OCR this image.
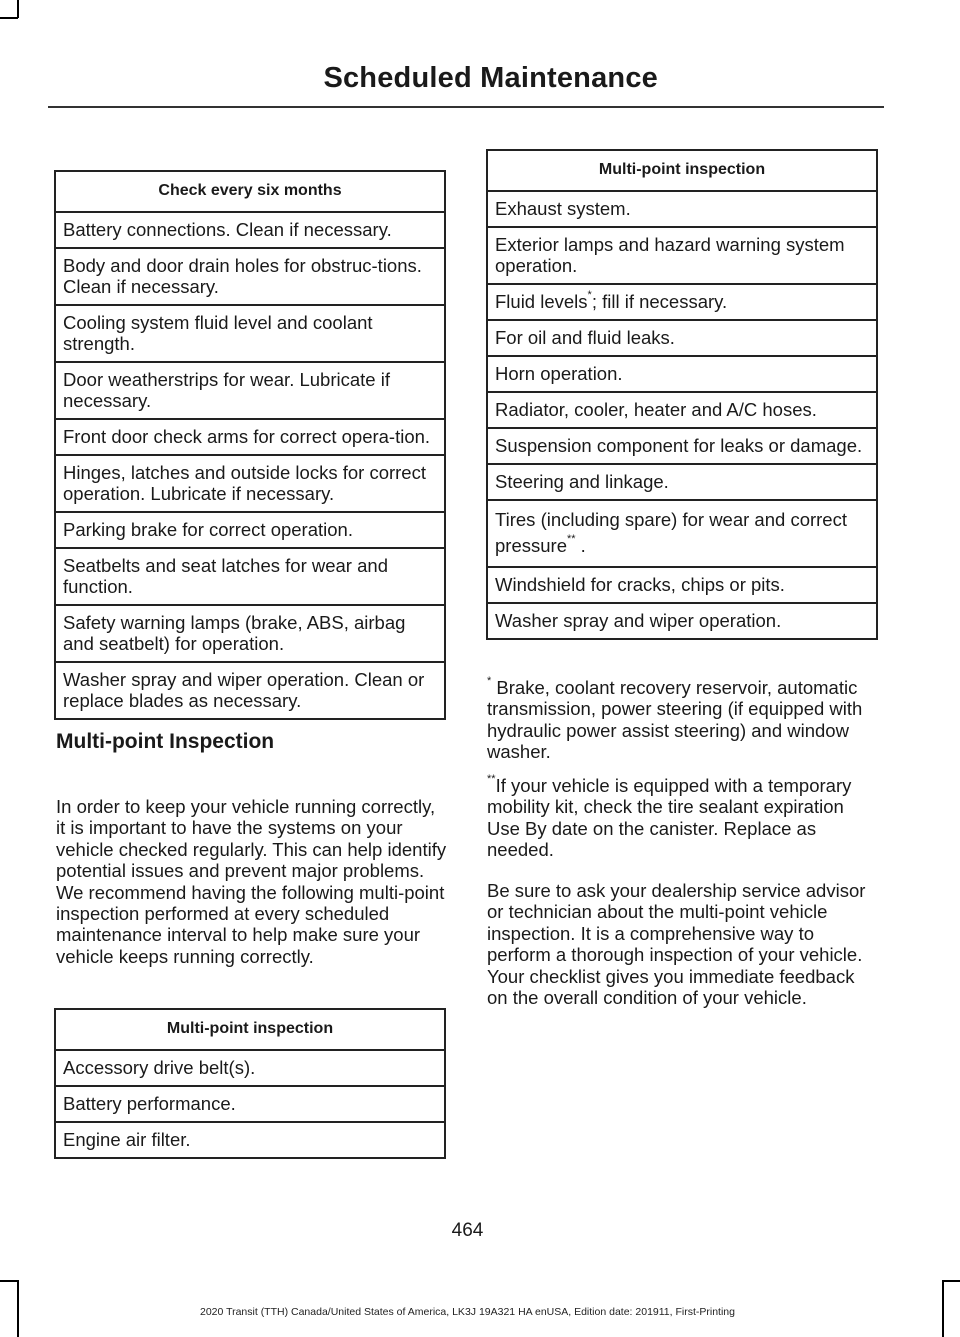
Scheduled Maintenance
Check every six months
Battery connections. Clean if necessary.
Body and door drain holes for obstruc-tions. Clean if necessary.
Cooling system fluid level and coolant strength.
Door weatherstrips for wear. Lubricate if necessary.
Front door check arms for correct opera-tion.
Hinges, latches and outside locks for correct operation. Lubricate if necessary.
Parking brake for correct operation.
Seatbelts and seat latches for wear and function.
Safety warning lamps (brake, ABS, airbag and seatbelt) for operation.
Washer spray and wiper operation. Clean or replace blades as necessary.
Multi-point Inspection

In order to keep your vehicle running correctly, it is important to have the systems on your vehicle checked regularly. This can help identify potential issues and prevent major problems. We recommend having the following multi-point inspection performed at every scheduled maintenance interval to help make sure your vehicle keeps running correctly.

Multi-point inspection
Accessory drive belt(s).
Battery performance.
Engine air filter.
Multi-point inspection
Exhaust system.
Exterior lamps and hazard warning system operation.
Fluid levels*; fill if necessary.
For oil and fluid leaks.
Horn operation.
Radiator, cooler, heater and A/C hoses.
Suspension component for leaks or damage.
Steering and linkage.
Tires (including spare) for wear and correct pressure** .
Windshield for cracks, chips or pits.
Washer spray and wiper operation.

* Brake, coolant recovery reservoir, automatic transmission, power steering (if equipped with hydraulic power assist steering) and window washer.

**If your vehicle is equipped with a temporary mobility kit, check the tire sealant expiration Use By date on the canister. Replace as needed.

Be sure to ask your dealership service advisor or technician about the multi-point vehicle inspection. It is a comprehensive way to perform a thorough inspection of your vehicle. Your checklist gives you immediate feedback on the overall condition of your vehicle.

464
2020 Transit (TTH) Canada/United States of America, LK3J 19A321 HA enUSA, Edition date: 201911, First-Printing
